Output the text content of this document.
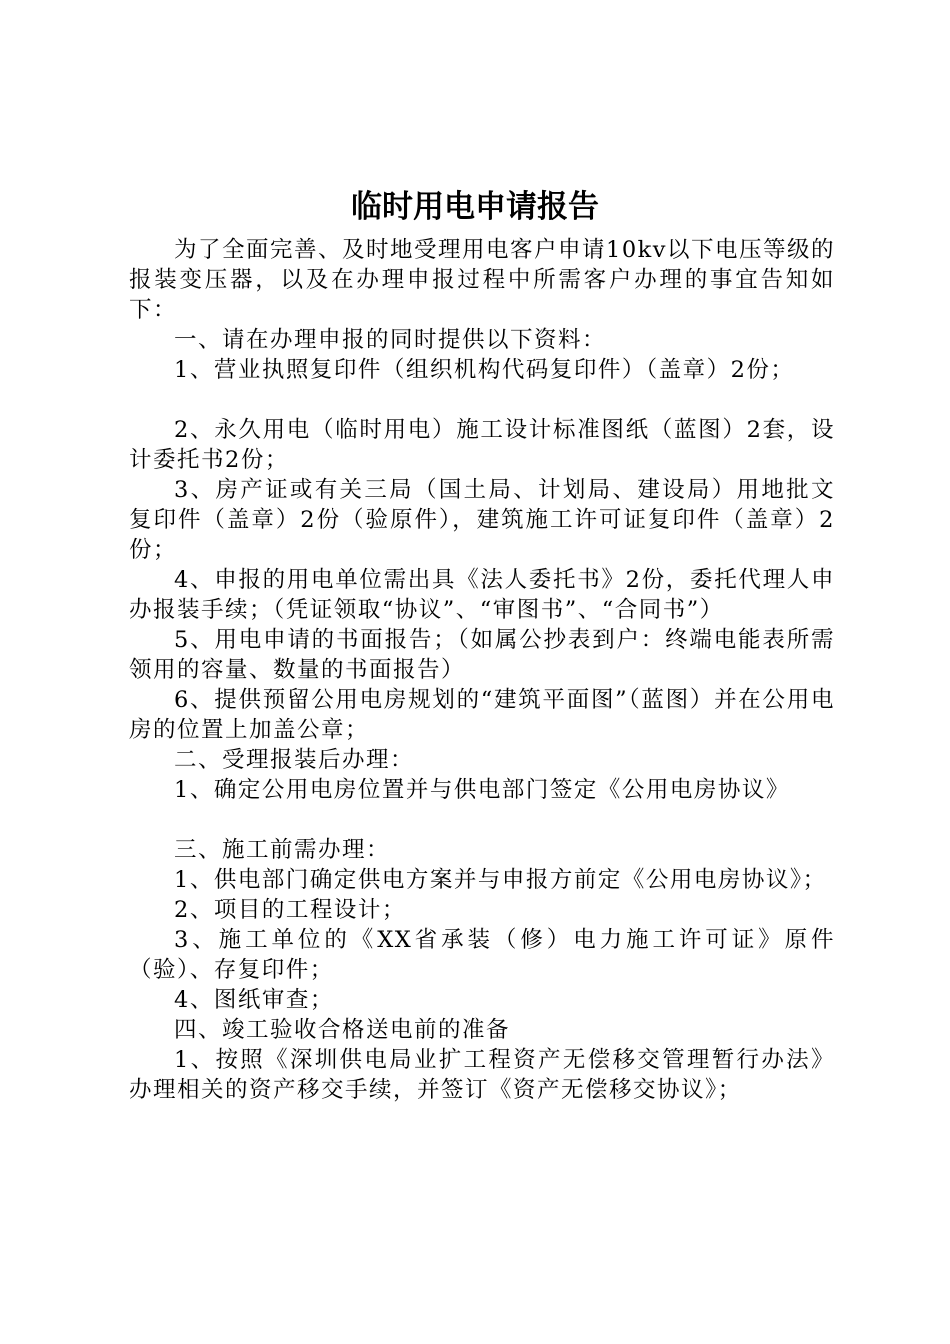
临时用电申请报告

为了全面完善、及时地受理用电客户申请10kv以下电压等级的报装变压器，以及在办理申报过程中所需客户办理的事宜告知如下：

一、请在办理申报的同时提供以下资料：

1、营业执照复印件（组织机构代码复印件）（盖章）2份；

2、永久用电（临时用电）施工设计标准图纸（蓝图）2套，设计委托书2份；

3、房产证或有关三局（国土局、计划局、建设局）用地批文复印件（盖章）2份（验原件），建筑施工许可证复印件（盖章）2份；

4、申报的用电单位需出具《法人委托书》2份，委托代理人申办报装手续；（凭证领取“协议”、“审图书”、“合同书”）

5、用电申请的书面报告；（如属公抄表到户：终端电能表所需领用的容量、数量的书面报告）

6、提供预留公用电房规划的“建筑平面图”（蓝图）并在公用电房的位置上加盖公章；

二、受理报装后办理：

1、确定公用电房位置并与供电部门签定《公用电房协议》

三、施工前需办理：

1、供电部门确定供电方案并与申报方前定《公用电房协议》；

2、项目的工程设计；

3、施工单位的《XX省承装（修）电力施工许可证》原件（验）、存复印件；

4、图纸审查；

四、竣工验收合格送电前的准备

1、按照《深圳供电局业扩工程资产无偿移交管理暂行办法》办理相关的资产移交手续，并签订《资产无偿移交协议》；
